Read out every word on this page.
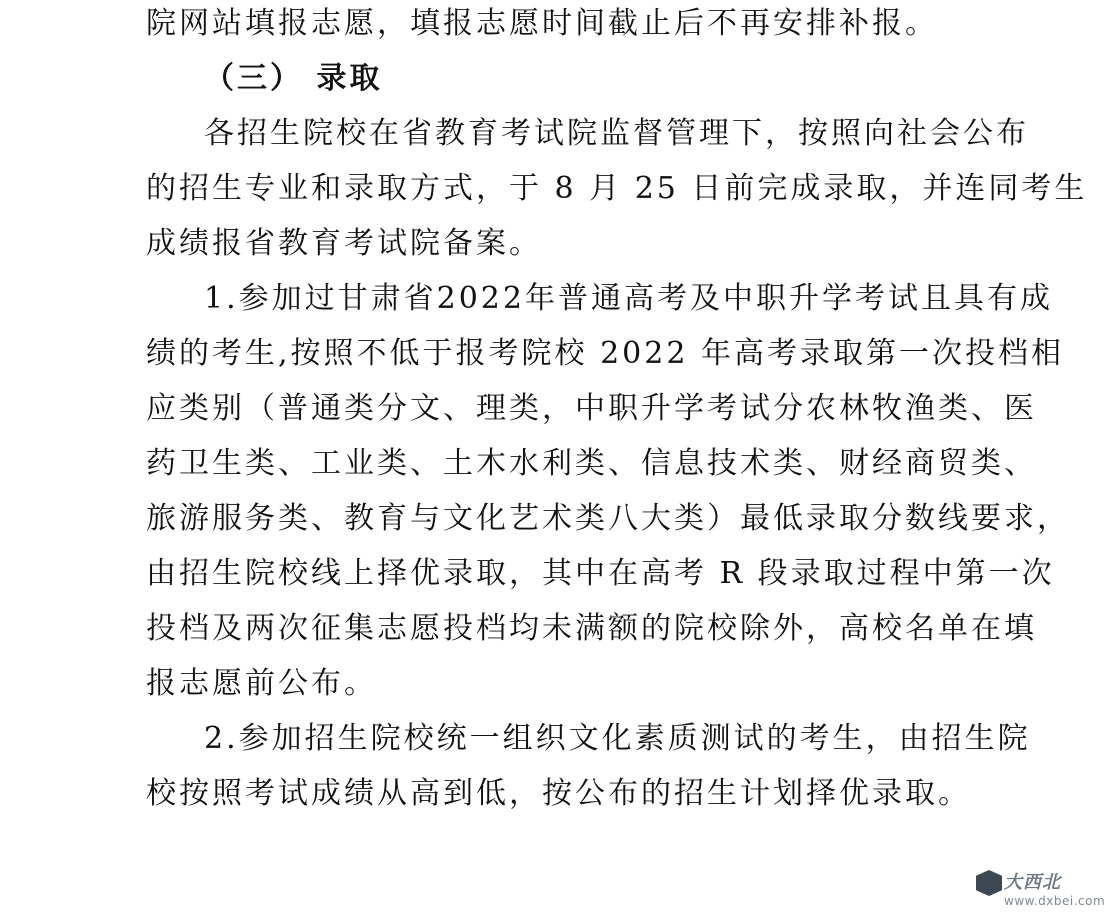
院网站填报志愿，填报志愿时间截止后不再安排补报。
（三） 录取
各招生院校在省教育考试院监督管理下，按照向社会公布
的招生专业和录取方式，于 8 月 25 日前完成录取，并连同考生
成绩报省教育考试院备案。
1.参加过甘肃省2022年普通高考及中职升学考试且具有成
绩的考生,按照不低于报考院校 2022 年高考录取第一次投档相
应类别（普通类分文、理类，中职升学考试分农林牧渔类、医
药卫生类、工业类、土木水利类、信息技术类、财经商贸类、
旅游服务类、教育与文化艺术类八大类）最低录取分数线要求，
由招生院校线上择优录取，其中在高考 R 段录取过程中第一次
投档及两次征集志愿投档均未满额的院校除外，高校名单在填
报志愿前公布。
2.参加招生院校统一组织文化素质测试的考生，由招生院
校按照考试成绩从高到低，按公布的招生计划择优录取。
大西北
www.dxbei.com
